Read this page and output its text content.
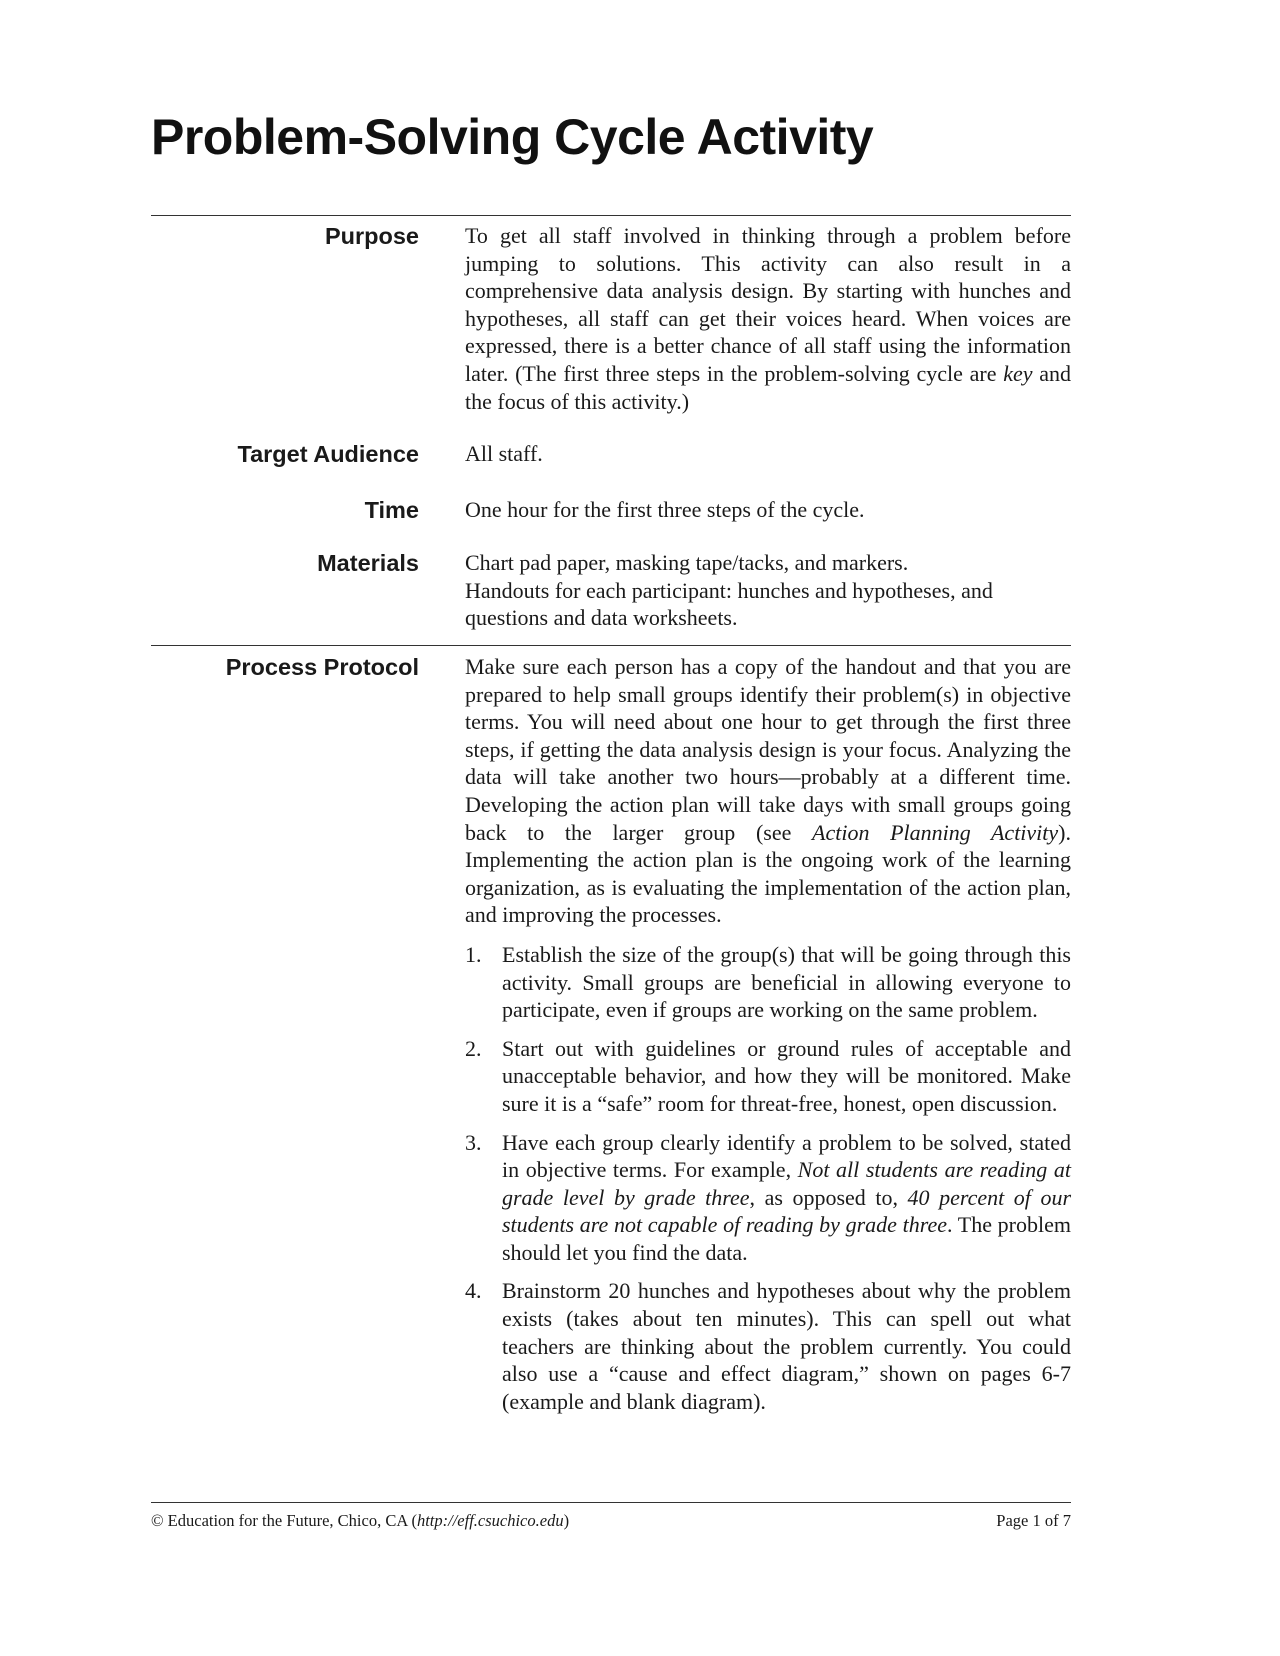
Problem-Solving Cycle Activity
Purpose To get all staff involved in thinking through a problem before jumping to solutions. This activity can also result in a comprehensive data analysis design. By starting with hunches and hypotheses, all staff can get their voices heard. When voices are expressed, there is a better chance of all staff using the information later. (The first three steps in the problem-solving cycle are key and the focus of this activity.)

Target Audience All staff.

Time One hour for the first three steps of the cycle.

Materials Chart pad paper, masking tape/tacks, and markers.

Handouts for each participant: hunches and hypotheses, and questions and data worksheets.

Process Protocol Make sure each person has a copy of the handout and that you are prepared to help small groups identify their problem(s) in objective terms. You will need about one hour to get through the first three steps, if getting the data analysis design is your focus. Analyzing the data will take another two hours—probably at a different time. Developing the action plan will take days with small groups going back to the larger group (see Action Planning Activity). Implementing the action plan is the ongoing work of the learning organization, as is evaluating the implementation of the action plan, and improving the processes.

1. Establish the size of the group(s) that will be going through this activity. Small groups are beneficial in allowing everyone to participate, even if groups are working on the same problem.
2. Start out with guidelines or ground rules of acceptable and unacceptable behavior, and how they will be monitored. Make sure it is a “safe” room for threat-free, honest, open discussion.
3. Have each group clearly identify a problem to be solved, stated in objective terms. For example, Not all students are reading at grade level by grade three, as opposed to, 40 percent of our students are not capable of reading by grade three. The problem should let you find the data.
4. Brainstorm 20 hunches and hypotheses about why the problem exists (takes about ten minutes). This can spell out what teachers are thinking about the problem currently. You could also use a “cause and effect diagram,” shown on pages 6-7 (example and blank diagram).
© Education for the Future, Chico, CA (http://eff.csuchico.edu)	Page 1 of 7
